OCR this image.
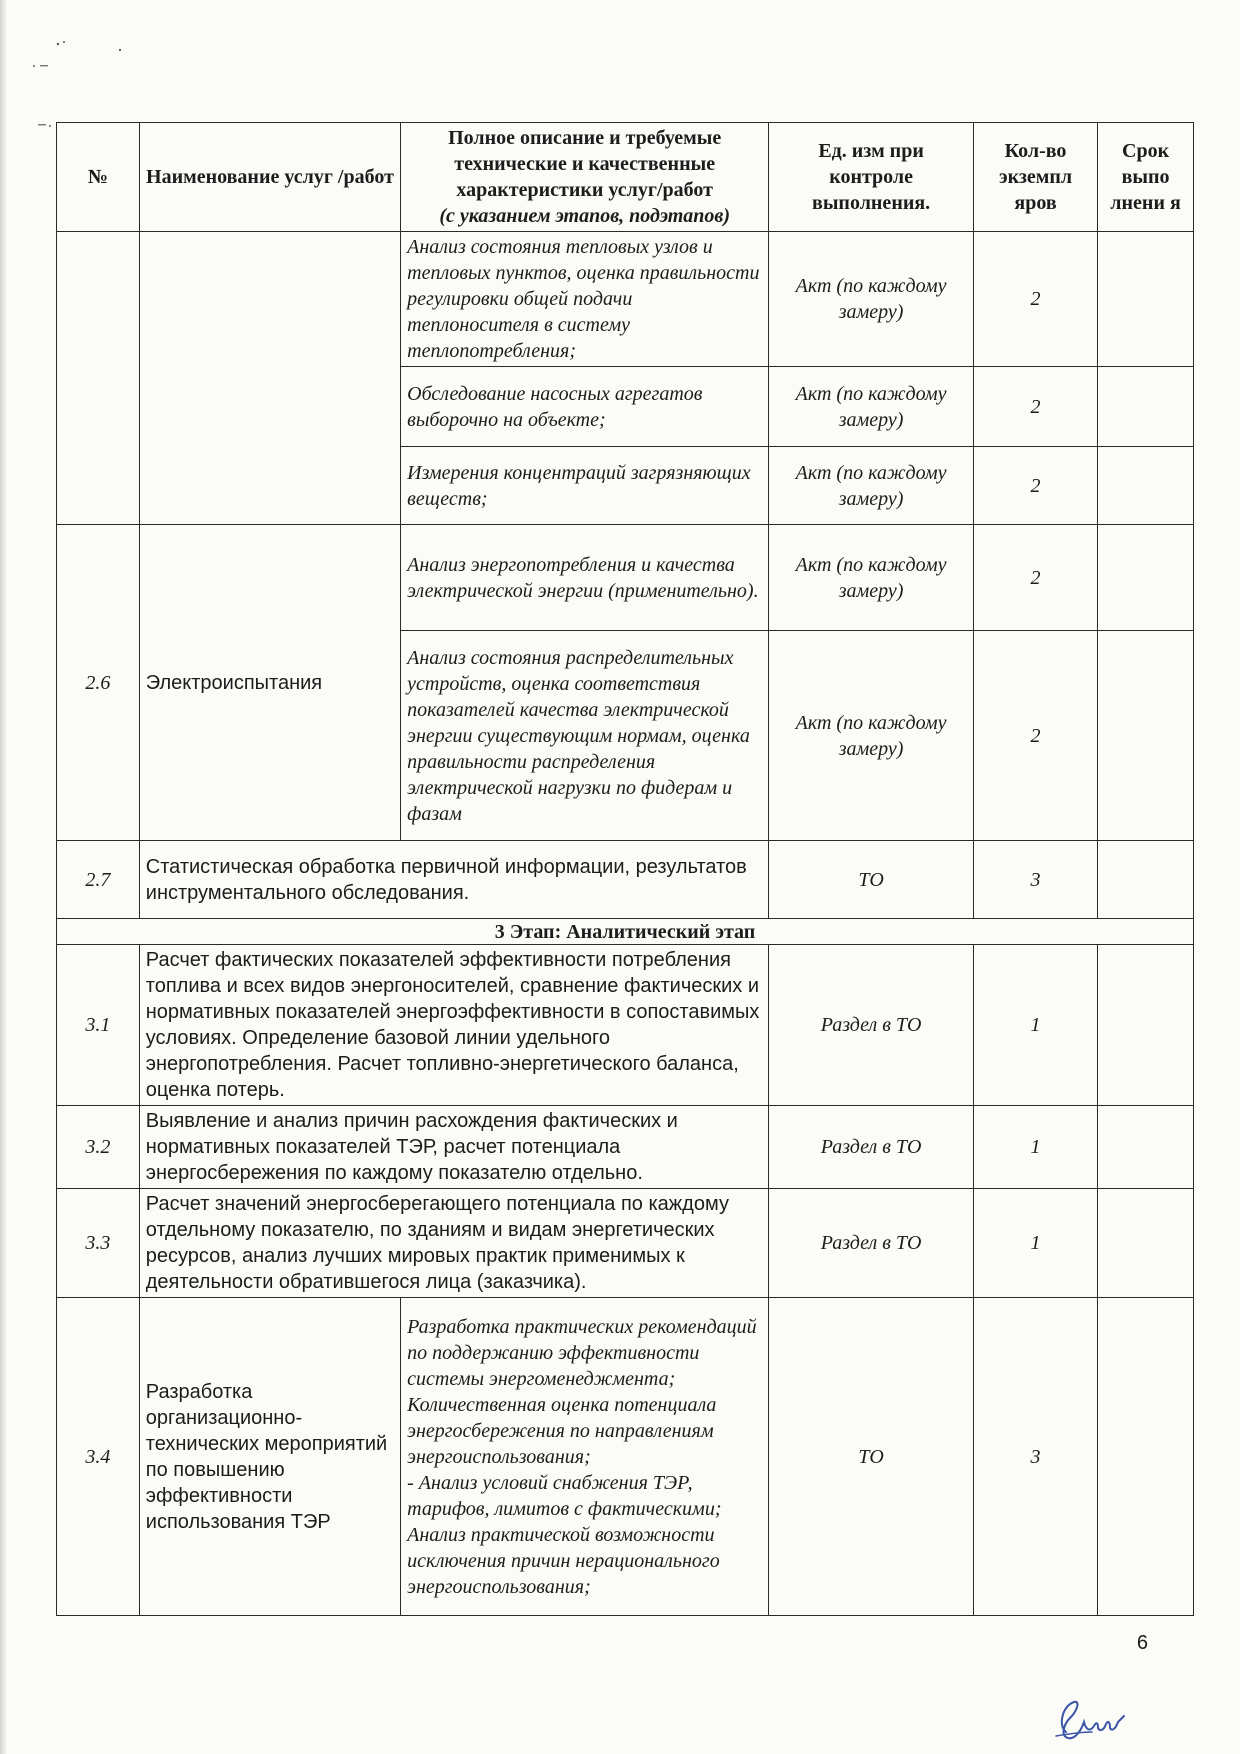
№	Наименование услуг /работ	Полное описание и требуемые
технические и качественные
характеристики услуг/работ
(с указанием этапов, подэтапов)	Ед. изм при контроле выполнения.	Кол-во экземпл яров	Срок выпо лнени я
		Анализ состояния тепловых узлов и тепловых пунктов, оценка правильности регулировки общей подачи теплоносителя в систему теплопотребления;	Акт (по каждому замеру)	2	
		Обследование насосных агрегатов выборочно на объекте;	Акт (по каждому замеру)	2	
		Измерения концентраций загрязняющих веществ;	Акт (по каждому замеру)	2	
2.6	Электроиспытания	Анализ энергопотребления и качества электрической энергии (применительно).	Акт (по каждому замеру)	2	
		Анализ состояния распределительных устройств, оценка соответствия показателей качества электрической энергии существующим нормам, оценка правильности распределения электрической нагрузки по фидерам и фазам	Акт (по каждому замеру)	2	
2.7	Статистическая обработка первичной информации, результатов инструментального обследования.		ТО	3	
3 Этап: Аналитический этап					
3.1	Расчет фактических показателей эффективности потребления топлива и всех видов энергоносителей, сравнение фактических и нормативных показателей энергоэффективности в сопоставимых условиях. Определение базовой линии удельного энергопотребления. Расчет топливно-энергетического баланса, оценка потерь.		Раздел в ТО	1	
3.2	Выявление и анализ причин расхождения фактических и нормативных показателей ТЭР, расчет потенциала энергосбережения по каждому показателю отдельно.		Раздел в ТО	1	
3.3	Расчет значений энергосберегающего потенциала по каждому отдельному показателю, по зданиям и видам энергетических ресурсов, анализ лучших мировых практик применимых к деятельности обратившегося лица (заказчика).		Раздел в ТО	1	
3.4	Разработка организационно-технических мероприятий по повышению эффективности использования ТЭР	Разработка практических рекомендаций по поддержанию эффективности системы энергоменеджмента;
Количественная оценка потенциала энергосбережения по направлениям энергоиспользования;
- Анализ условий снабжения ТЭР, тарифов, лимитов с фактическими;
Анализ практической возможности исключения причин нерационального энергоиспользования;	ТО	3	
6
